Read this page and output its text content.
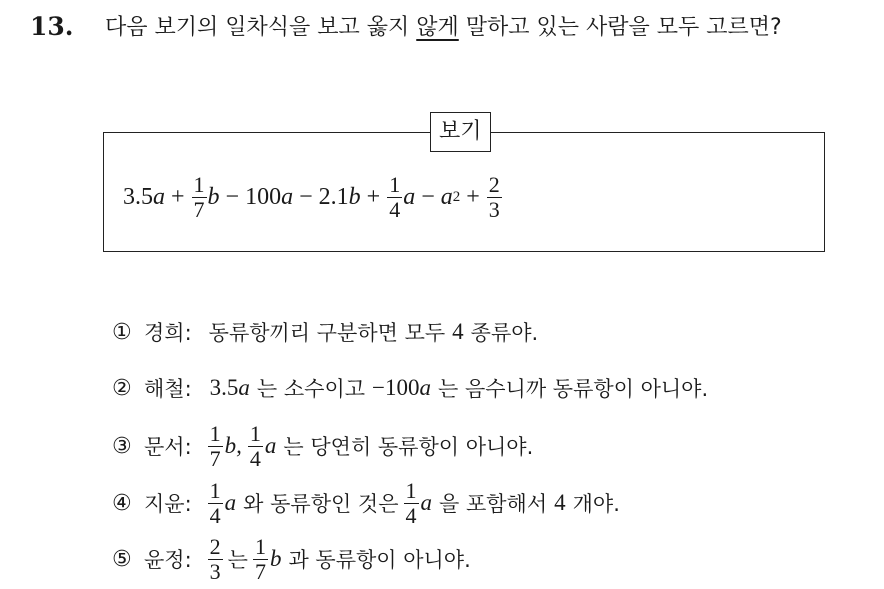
13. 다음 보기의 일차식을 보고 옳지 않게 말하고 있는 사람을 모두 고르면?
보기
3.5 $a + \frac{1}{7}$ b − 100 a − 2.1 $b + \frac{1}{4}$ a − a $2 + \frac{2}{3}$
① 경희: 동류항끼리 구분하면 모두 4 종류야.
② 해철: 3.5 a 는 소수이고 −100 a 는 음수니까 동류항이 아니야.
③ 문서: $\frac{1}{7} b$, $\frac{1}{4}$ a 는 당연히 동류항이 아니야.
④ 지윤: $\frac{1}{4}$ a 와 동류항인 것은 $\frac{1}{4}$ a 을 포함해서 4 개야.
⑤ 윤정: $\frac{2}{3}$ 는 $\frac{1}{7}$ b 과 동류항이 아니야.
